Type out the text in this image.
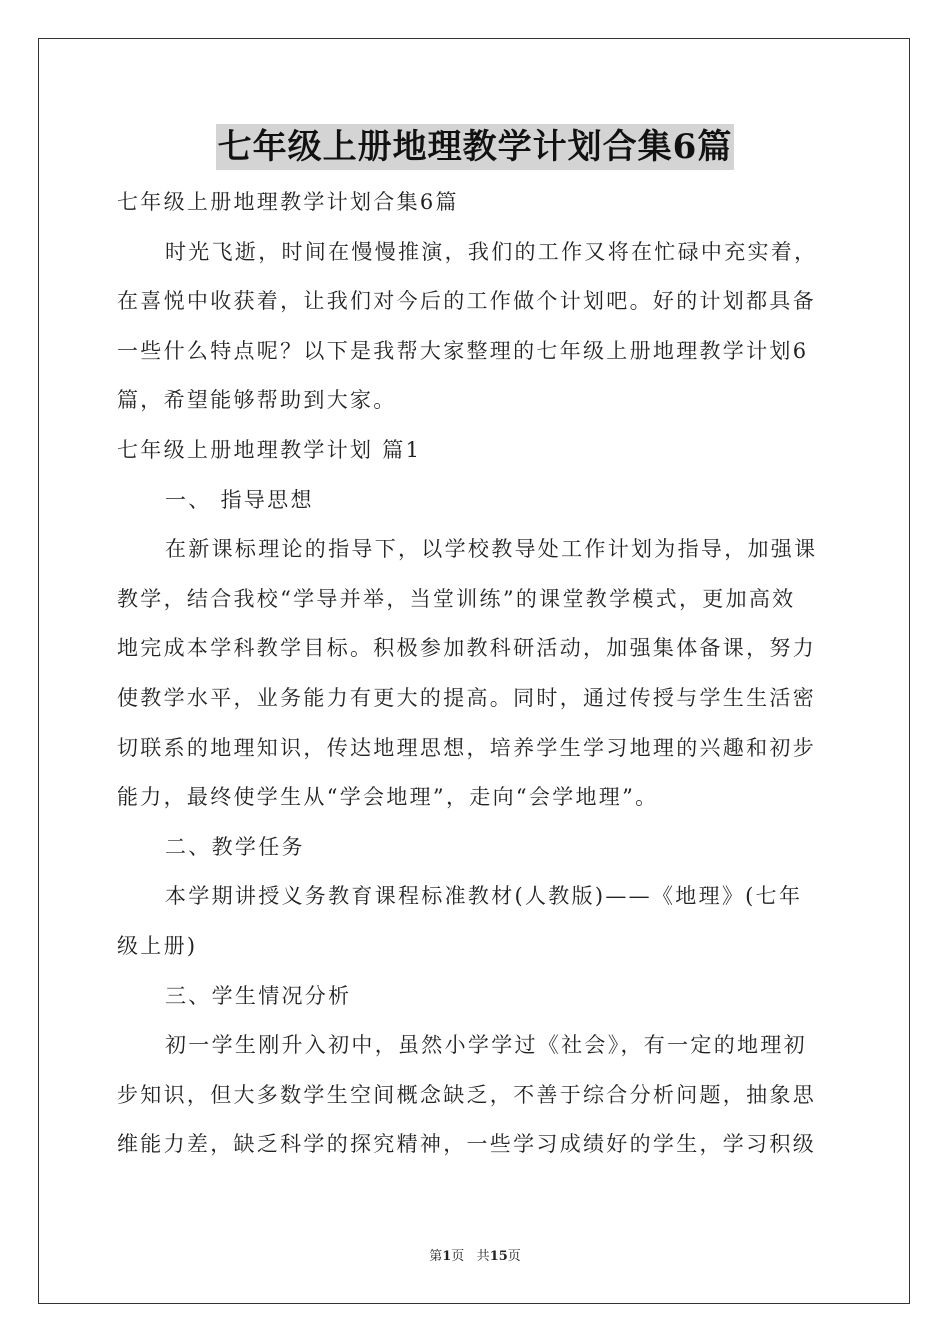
七年级上册地理教学计划合集6篇

七年级上册地理教学计划合集6篇

时光飞逝，时间在慢慢推演，我们的工作又将在忙碌中充实着，

在喜悦中收获着，让我们对今后的工作做个计划吧。好的计划都具备

一些什么特点呢？以下是我帮大家整理的七年级上册地理教学计划6

篇，希望能够帮助到大家。

七年级上册地理教学计划 篇1

一、 指导思想

在新课标理论的指导下，以学校教导处工作计划为指导，加强课

教学，结合我校“学导并举，当堂训练”的课堂教学模式，更加高效

地完成本学科教学目标。积极参加教科研活动，加强集体备课，努力

使教学水平，业务能力有更大的提高。同时，通过传授与学生生活密

切联系的地理知识，传达地理思想，培养学生学习地理的兴趣和初步

能力，最终使学生从“学会地理”，走向“会学地理”。

二、教学任务

本学期讲授义务教育课程标准教材(人教版)——《地理》(七年

级上册)

三、学生情况分析

初一学生刚升入初中，虽然小学学过《社会》，有一定的地理初

步知识，但大多数学生空间概念缺乏，不善于综合分析问题，抽象思

维能力差，缺乏科学的探究精神，一些学习成绩好的学生，学习积级

第1页 共15页
